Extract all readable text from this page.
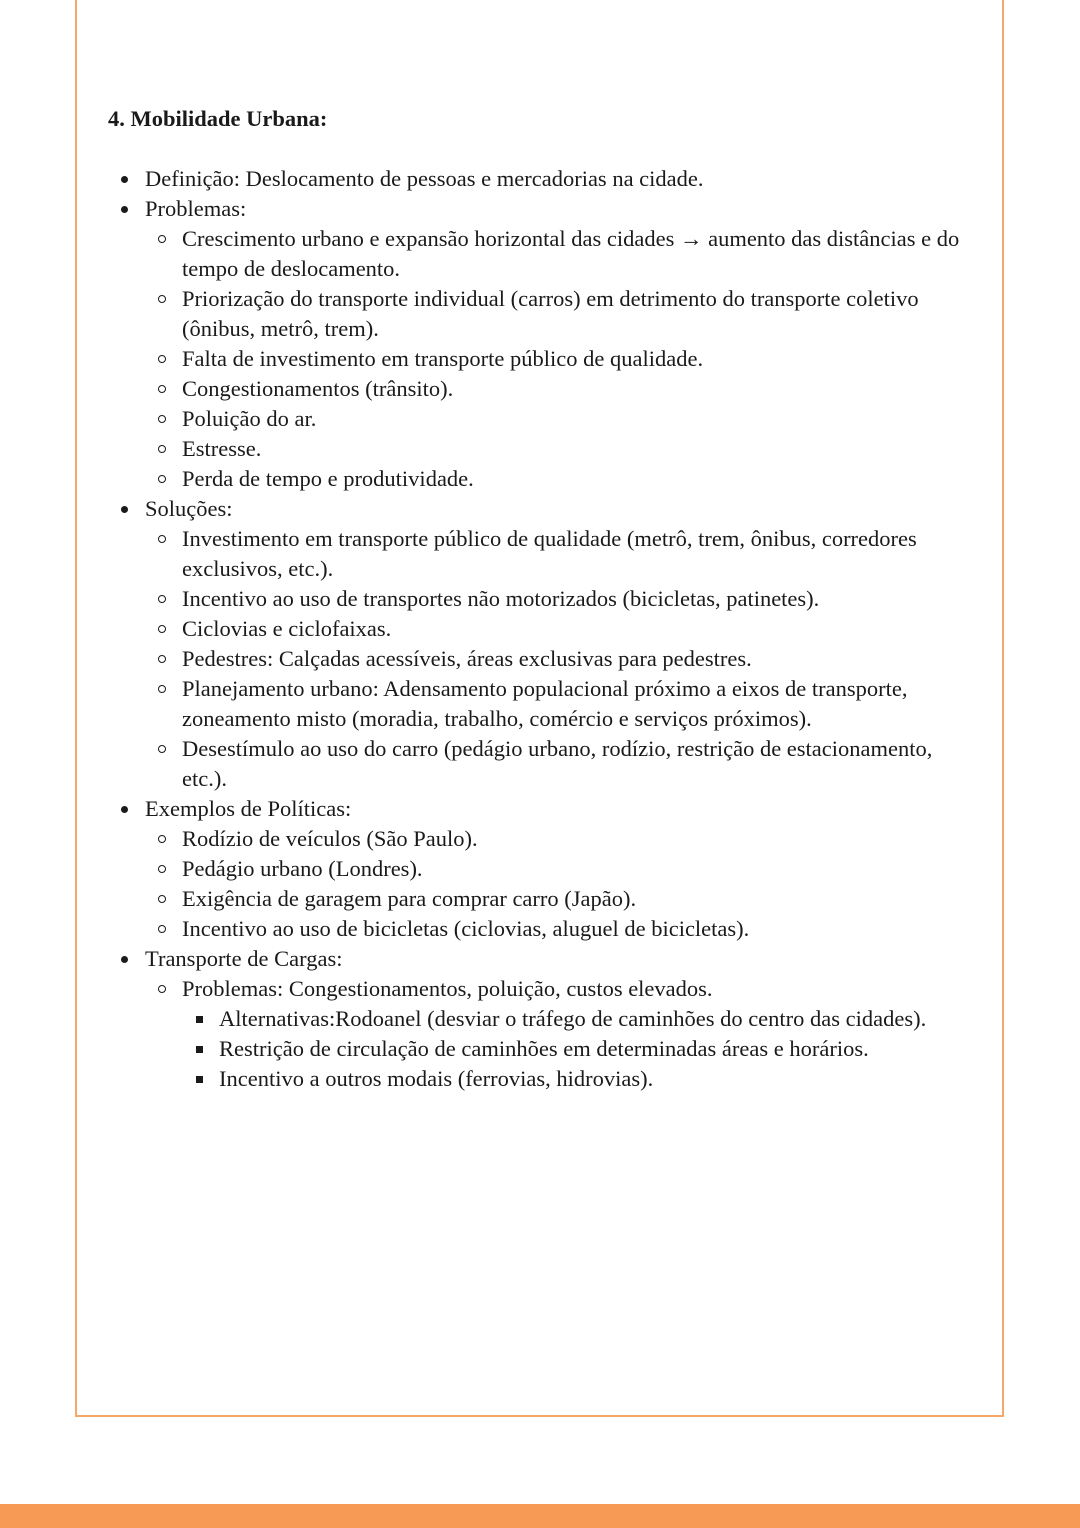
4. Mobilidade Urbana:
Definição: Deslocamento de pessoas e mercadorias na cidade.
Problemas:
Crescimento urbano e expansão horizontal das cidades → aumento das distâncias e do tempo de deslocamento.
Priorização do transporte individual (carros) em detrimento do transporte coletivo (ônibus, metrô, trem).
Falta de investimento em transporte público de qualidade.
Congestionamentos (trânsito).
Poluição do ar.
Estresse.
Perda de tempo e produtividade.
Soluções:
Investimento em transporte público de qualidade (metrô, trem, ônibus, corredores exclusivos, etc.).
Incentivo ao uso de transportes não motorizados (bicicletas, patinetes).
Ciclovias e ciclofaixas.
Pedestres: Calçadas acessíveis, áreas exclusivas para pedestres.
Planejamento urbano: Adensamento populacional próximo a eixos de transporte, zoneamento misto (moradia, trabalho, comércio e serviços próximos).
Desestímulo ao uso do carro (pedágio urbano, rodízio, restrição de estacionamento, etc.).
Exemplos de Políticas:
Rodízio de veículos (São Paulo).
Pedágio urbano (Londres).
Exigência de garagem para comprar carro (Japão).
Incentivo ao uso de bicicletas (ciclovias, aluguel de bicicletas).
Transporte de Cargas:
Problemas: Congestionamentos, poluição, custos elevados.
Alternativas:Rodoanel (desviar o tráfego de caminhões do centro das cidades).
Restrição de circulação de caminhões em determinadas áreas e horários.
Incentivo a outros modais (ferrovias, hidrovias).
